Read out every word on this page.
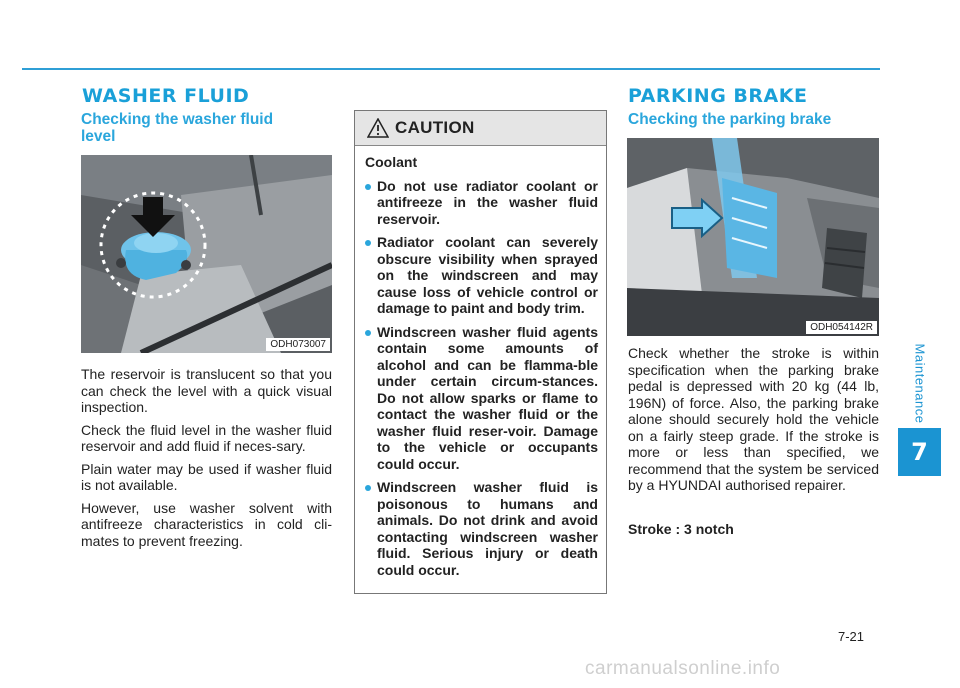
WASHER FLUID
Checking the washer fluid level
ODH073007

The reservoir is translucent so that you can check the level with a quick visual inspection.

Check the fluid level in the washer fluid reservoir and add fluid if neces-sary.

Plain water may be used if washer fluid is not available.

However, use washer solvent with antifreeze characteristics in cold cli-mates to prevent freezing.

CAUTION
Coolant
Do not use radiator coolant or antifreeze in the washer fluid reservoir.
Radiator coolant can severely obscure visibility when sprayed on the windscreen and may cause loss of vehicle control or damage to paint and body trim.
Windscreen washer fluid agents contain some amounts of alcohol and can be flamma-ble under certain circum-stances. Do not allow sparks or flame to contact the washer fluid or the washer fluid reser-voir. Damage to the vehicle or occupants could occur.
Windscreen washer fluid is poisonous to humans and animals. Do not drink and avoid contacting windscreen washer fluid. Serious injury or death could occur.
PARKING BRAKE
Checking the parking brake
ODH054142R

Check whether the stroke is within specification when the parking brake pedal is depressed with 20 kg (44 lb, 196N) of force. Also, the parking brake alone should securely hold the vehicle on a fairly steep grade. If the stroke is more or less than specified, we recommend that the system be serviced by a HYUNDAI authorised repairer.

Stroke : 3 notch
Maintenance
7
7-21
carmanualsonline.info
